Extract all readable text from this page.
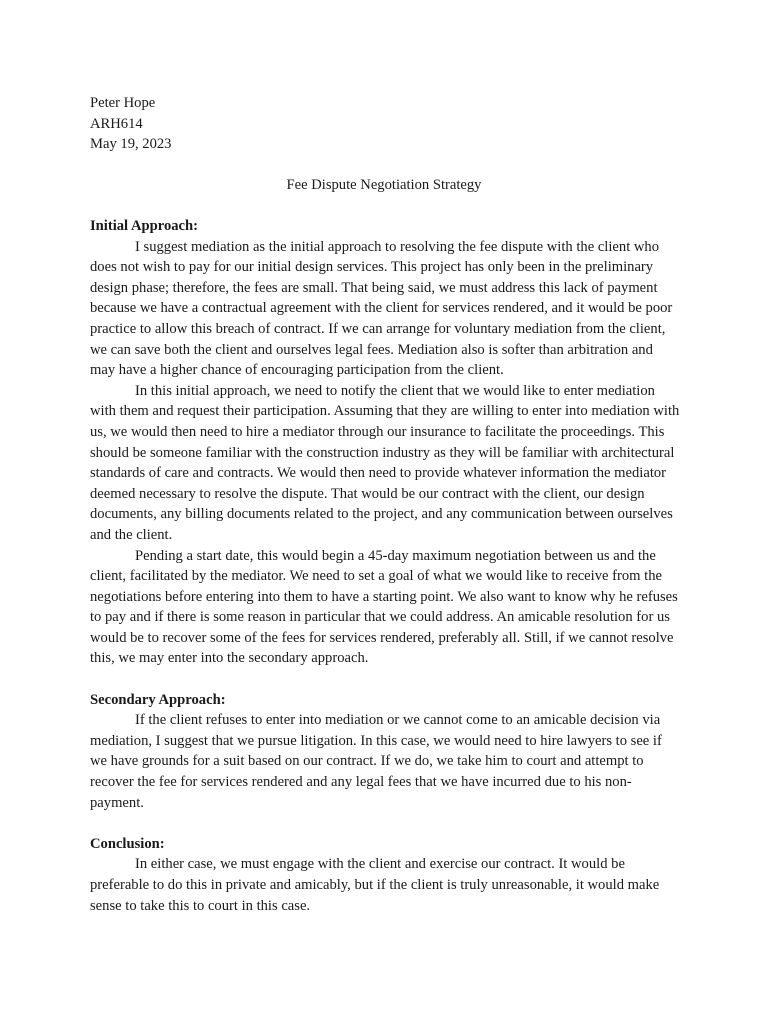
Peter Hope
ARH614
May 19, 2023
Fee Dispute Negotiation Strategy

Initial Approach:

I suggest mediation as the initial approach to resolving the fee dispute with the client who does not wish to pay for our initial design services. This project has only been in the preliminary design phase; therefore, the fees are small. That being said, we must address this lack of payment because we have a contractual agreement with the client for services rendered, and it would be poor practice to allow this breach of contract. If we can arrange for voluntary mediation from the client, we can save both the client and ourselves legal fees. Mediation also is softer than arbitration and may have a higher chance of encouraging participation from the client.

In this initial approach, we need to notify the client that we would like to enter mediation with them and request their participation. Assuming that they are willing to enter into mediation with us, we would then need to hire a mediator through our insurance to facilitate the proceedings. This should be someone familiar with the construction industry as they will be familiar with architectural standards of care and contracts. We would then need to provide whatever information the mediator deemed necessary to resolve the dispute. That would be our contract with the client, our design documents, any billing documents related to the project, and any communication between ourselves and the client.

Pending a start date, this would begin a 45-day maximum negotiation between us and the client, facilitated by the mediator. We need to set a goal of what we would like to receive from the negotiations before entering into them to have a starting point. We also want to know why he refuses to pay and if there is some reason in particular that we could address. An amicable resolution for us would be to recover some of the fees for services rendered, preferably all. Still, if we cannot resolve this, we may enter into the secondary approach.

Secondary Approach:

If the client refuses to enter into mediation or we cannot come to an amicable decision via mediation, I suggest that we pursue litigation. In this case, we would need to hire lawyers to see if we have grounds for a suit based on our contract. If we do, we take him to court and attempt to recover the fee for services rendered and any legal fees that we have incurred due to his non-payment.

Conclusion:

In either case, we must engage with the client and exercise our contract. It would be preferable to do this in private and amicably, but if the client is truly unreasonable, it would make sense to take this to court in this case.
